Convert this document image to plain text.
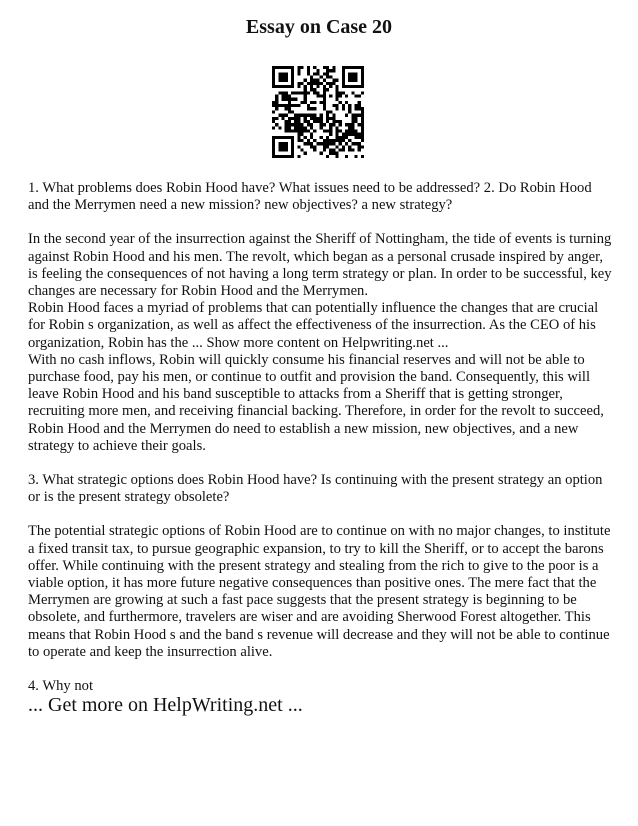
Essay on Case 20

1. What problems does Robin Hood have? What issues need to be addressed? 2. Do Robin Hood and the Merrymen need a new mission? new objectives? a new strategy?

In the second year of the insurrection against the Sheriff of Nottingham, the tide of events is turning against Robin Hood and his men. The revolt, which began as a personal crusade inspired by anger, is feeling the consequences of not having a long term strategy or plan. In order to be successful, key changes are necessary for Robin Hood and the Merrymen.

Robin Hood faces a myriad of problems that can potentially influence the changes that are crucial for Robin s organization, as well as affect the effectiveness of the insurrection. As the CEO of his organization, Robin has the ... Show more content on Helpwriting.net ...

With no cash inflows, Robin will quickly consume his financial reserves and will not be able to purchase food, pay his men, or continue to outfit and provision the band. Consequently, this will leave Robin Hood and his band susceptible to attacks from a Sheriff that is getting stronger, recruiting more men, and receiving financial backing. Therefore, in order for the revolt to succeed, Robin Hood and the Merrymen do need to establish a new mission, new objectives, and a new strategy to achieve their goals.

3. What strategic options does Robin Hood have? Is continuing with the present strategy an option or is the present strategy obsolete?

The potential strategic options of Robin Hood are to continue on with no major changes, to institute a fixed transit tax, to pursue geographic expansion, to try to kill the Sheriff, or to accept the barons offer. While continuing with the present strategy and stealing from the rich to give to the poor is a viable option, it has more future negative consequences than positive ones. The mere fact that the Merrymen are growing at such a fast pace suggests that the present strategy is beginning to be obsolete, and furthermore, travelers are wiser and are avoiding Sherwood Forest altogether. This means that Robin Hood s and the band s revenue will decrease and they will not be able to continue to operate and keep the insurrection alive.

4. Why not

... Get more on HelpWriting.net ...
